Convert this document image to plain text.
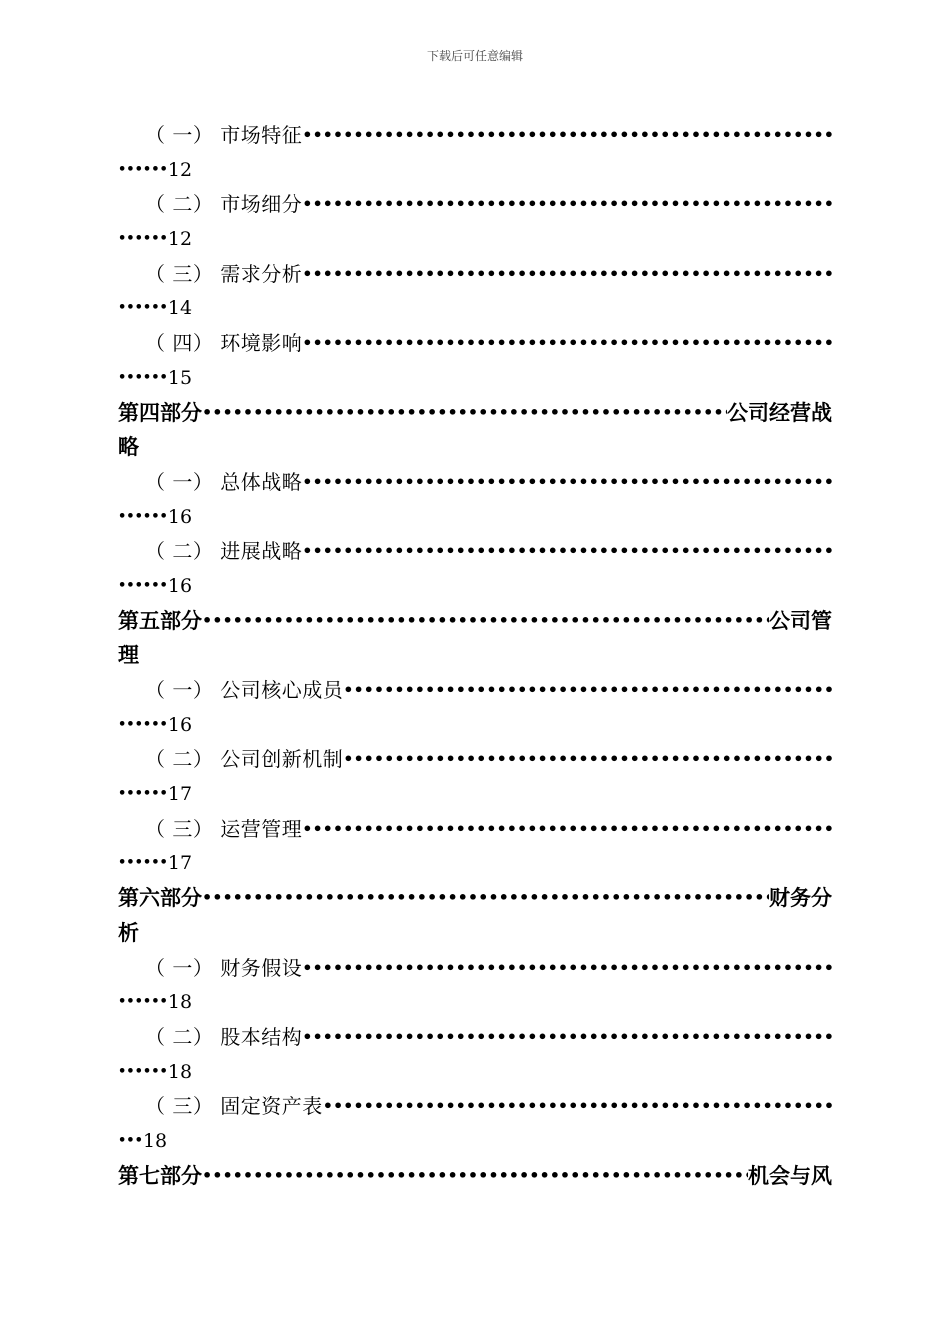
下载后可任意编辑
（ 一） 市场特征
•••••
•••••• 12
（ 二） 市场细分
•••••
•••••• 12
（ 三） 需求分析
•••••
•••••• 14
（ 四） 环境影响
•••••
•••••• 15
第四部分 •••••	公司经营战
略
（ 一） 总体战略
•••••
•••••• 16
（ 二） 进展战略
•••••
•••••• 16
第五部分 •••••	公司管
理
（ 一） 公司核心成员
•••••
•••••• 16
（ 二） 公司创新机制
•••••
•••••• 17
（ 三） 运营管理
•••••
•••••• 17
第六部分 •••••	财务分
析
（ 一） 财务假设
•••••
•••••• 18
（ 二） 股本结构
•••••
•••••• 18
（ 三） 固定资产表
•••••
••• 18
第七部分 •••••	机会与风
